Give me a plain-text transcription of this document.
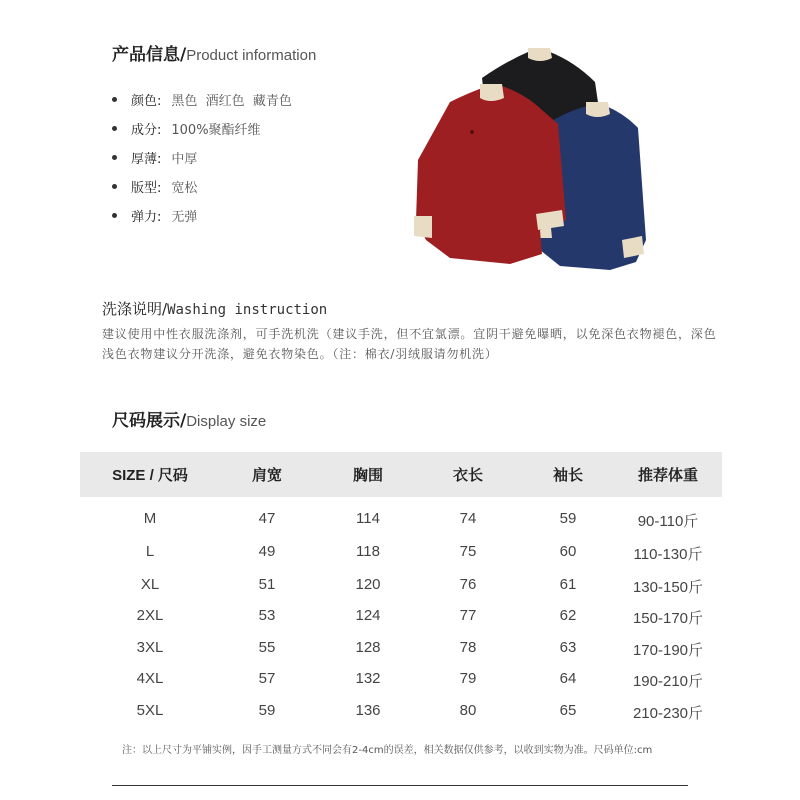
产品信息/Product information
颜色: 黑色  酒红色  藏青色
成分: 100%聚酯纤维
厚薄: 中厚
版型: 宽松
弹力: 无弹
洗涤说明/Washing instruction
建议使用中性衣服洗涤剂，可手洗机洗（建议手洗，但不宜氯漂。宜阴干避免曝晒，以免深色衣物褪色，深色浅色衣物建议分开洗涤，避免衣物染色。（注：棉衣/羽绒服请勿机洗）
尺码展示/Display size
SIZE / 尺码	肩宽	胸围	衣长	袖长	推荐体重
M	47	114	74	59	90-110斤
L	49	118	75	60	110-130斤
XL	51	120	76	61	130-150斤
2XL	53	124	77	62	150-170斤
3XL	55	128	78	63	170-190斤
4XL	57	132	79	64	190-210斤
5XL	59	136	80	65	210-230斤
注：以上尺寸为平铺实例，因手工测量方式不同会有2-4cm的误差，相关数据仅供参考，以收到实物为准。尺码单位:cm
